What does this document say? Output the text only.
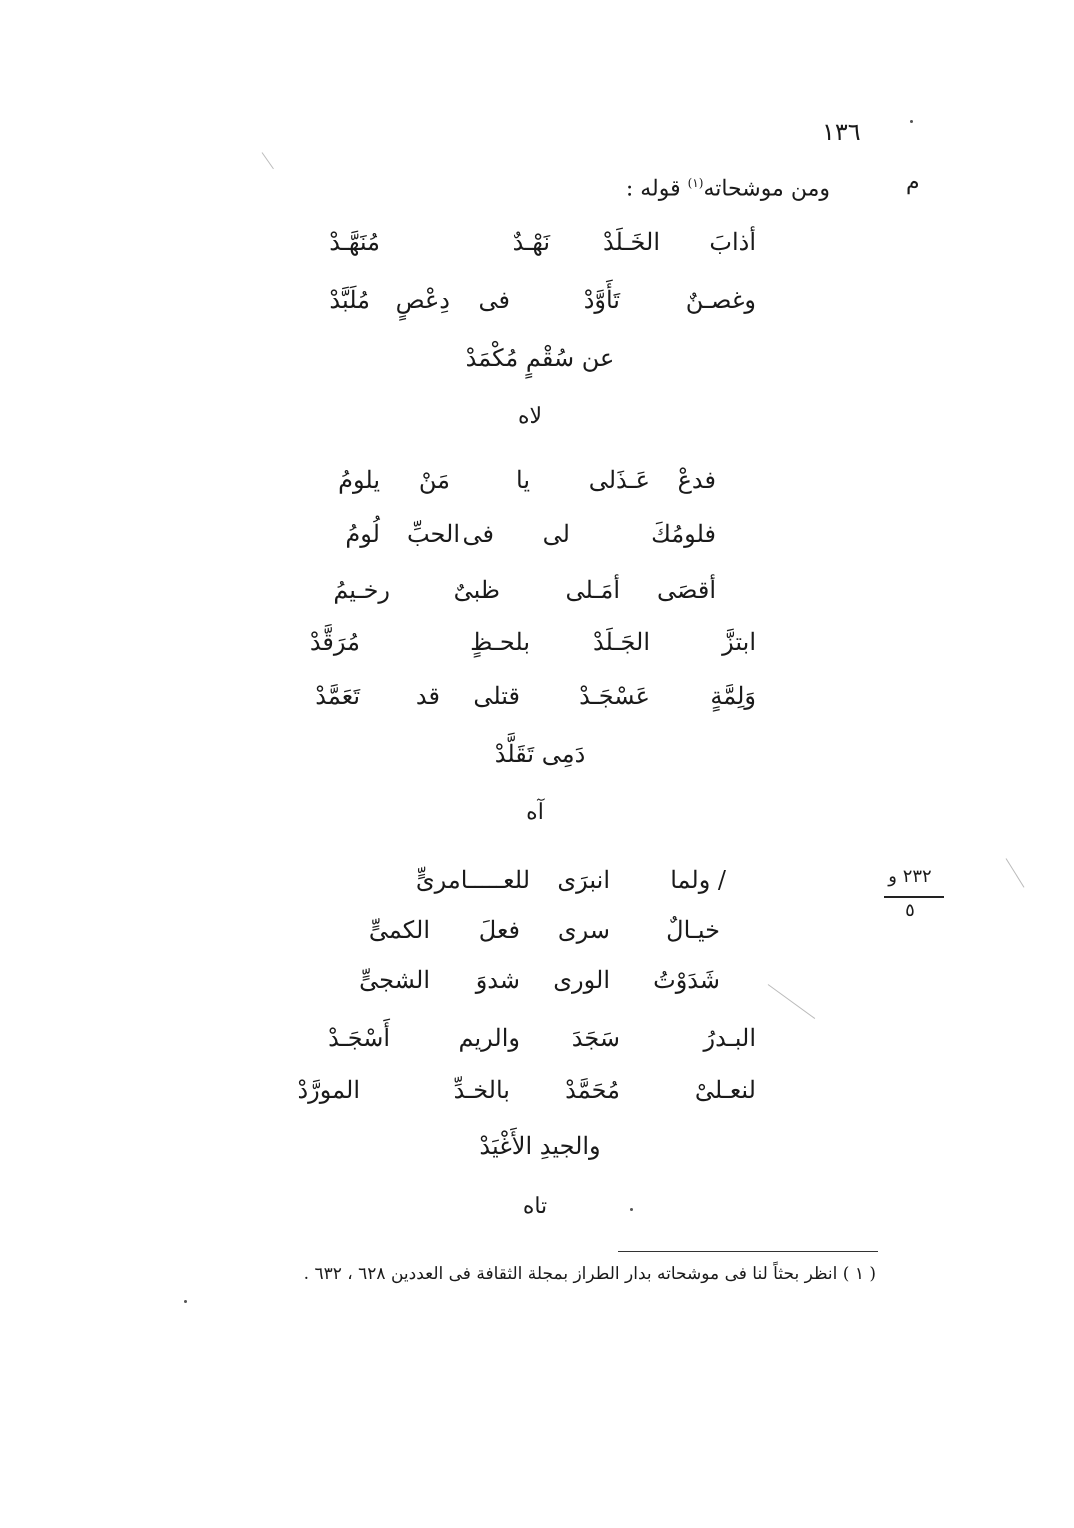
١٣٦
م
ومن موشحاته$^{(١)}$ قوله :
أذابَ
الخَـلَدْ
نَهْـدٌ
مُنَهَّـدْ
وغصـنٌ
تَأَوَّدْ
فى
دِعْصٍ
مُلَبَّدْ
عن سُقْمٍ مُكْمَدْ
لاه
فدعْ
عَـذَلى
يا
مَنْ
يلومُ
فلومُكَ
لى
فى
الحبِّ
لُومُ
أقصَى
أمَـلى
ظبىٌ
رخـيمُ
ابتزَّ
الجَـلَدْ
بلحـظٍ
مُرَقَّدْ
وَلِمَّةٍ
عَسْجَـدْ
قتلى
قد
تَعَمَّدْ
دَمِى تَقَلَّدْ
آه
/ ولما
انبرَى
للعـــــامرىٍّ
خيـالٌ
سرى
فعلَ
الكمىٍّ
شَدَوْتُ
الورى
شدوَ
الشجىٍّ
البـدرُ
سَجَدَ
والريم
أَسْجَـدْ
لنعـلىْ
مُحَمَّدْ
بالخـدِّ
المورَّدْ
والجيدِ الأَغْيَدْ
تاه
٢٣٢ و
٥
( ١ ) انظر بحثاً لنا فى موشحاته بدار الطراز بمجلة الثقافة فى العددين ٦٢٨ ، ٦٣٢ .
